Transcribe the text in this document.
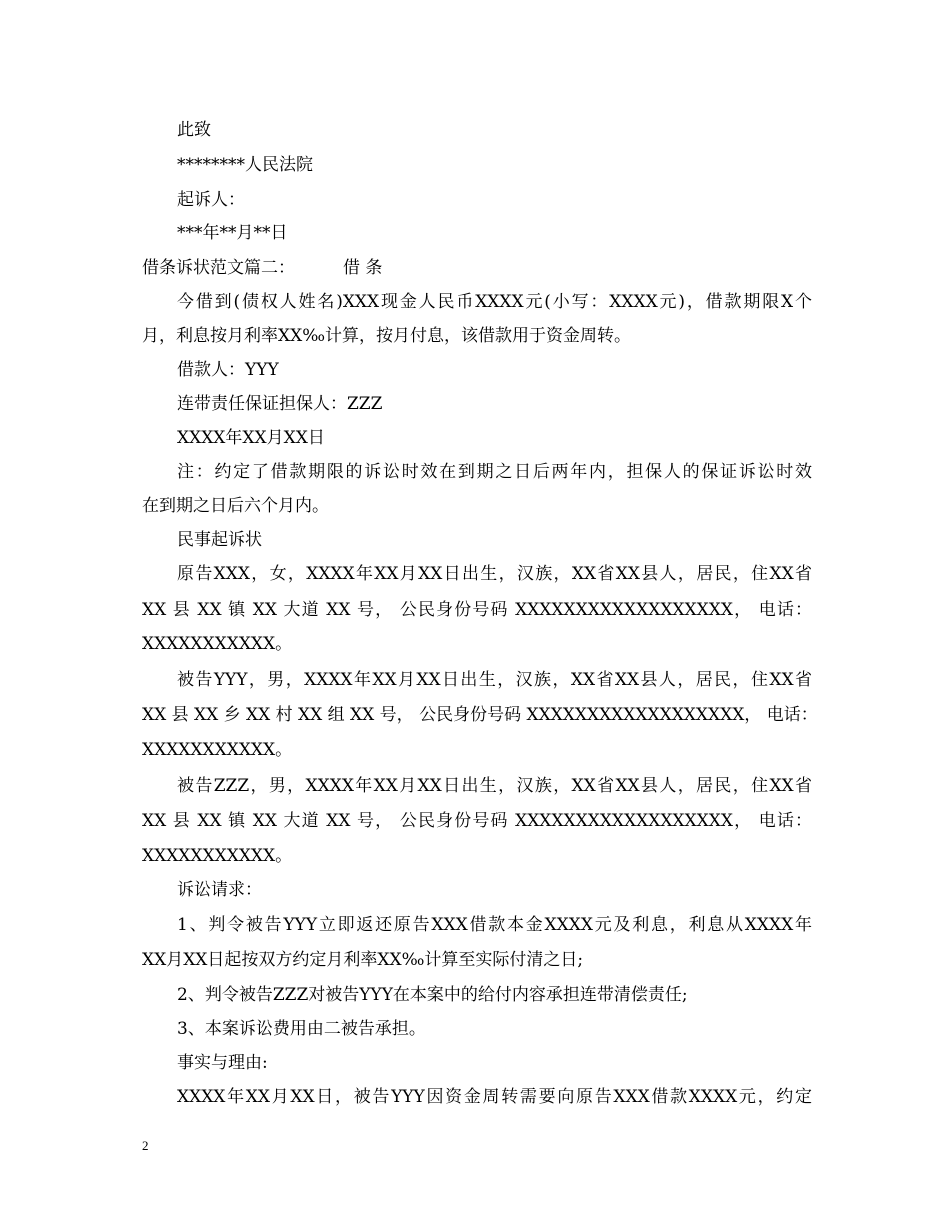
此致
********人民法院
起诉人：
***年**月**日
借条诉状范文篇二：	借 条
今借到(债权人姓名)XXX现金人民币XXXX元(小写：XXXX元)，借款期限X个
月，利息按月利率XX‰计算，按月付息，该借款用于资金周转。
借款人：YYY
连带责任保证担保人：ZZZ
XXXX年XX月XX日
注：约定了借款期限的诉讼时效在到期之日后两年内，担保人的保证诉讼时效
在到期之日后六个月内。
民事起诉状
原告XXX，女，XXXX年XX月XX日出生，汉族，XX省XX县人，居民，住XX省
XX 县 XX 镇 XX 大道 XX 号， 公民身份号码 XXXXXXXXXXXXXXXXXX， 电话：
XXXXXXXXXXX。
被告YYY，男，XXXX年XX月XX日出生，汉族，XX省XX县人，居民，住XX省
XX 县 XX 乡 XX 村 XX 组 XX 号， 公民身份号码 XXXXXXXXXXXXXXXXXX， 电话：
XXXXXXXXXXX。
被告ZZZ，男，XXXX年XX月XX日出生，汉族，XX省XX县人，居民，住XX省
XX 县 XX 镇 XX 大道 XX 号， 公民身份号码 XXXXXXXXXXXXXXXXXX， 电话：
XXXXXXXXXXX。
诉讼请求：
1、判令被告YYY立即返还原告XXX借款本金XXXX元及利息，利息从XXXX年
XX月XX日起按双方约定月利率XX‰计算至实际付清之日;
2、判令被告ZZZ对被告YYY在本案中的给付内容承担连带清偿责任;
3、本案诉讼费用由二被告承担。
事实与理由:
XXXX年XX月XX日，被告YYY因资金周转需要向原告XXX借款XXXX元，约定
2
